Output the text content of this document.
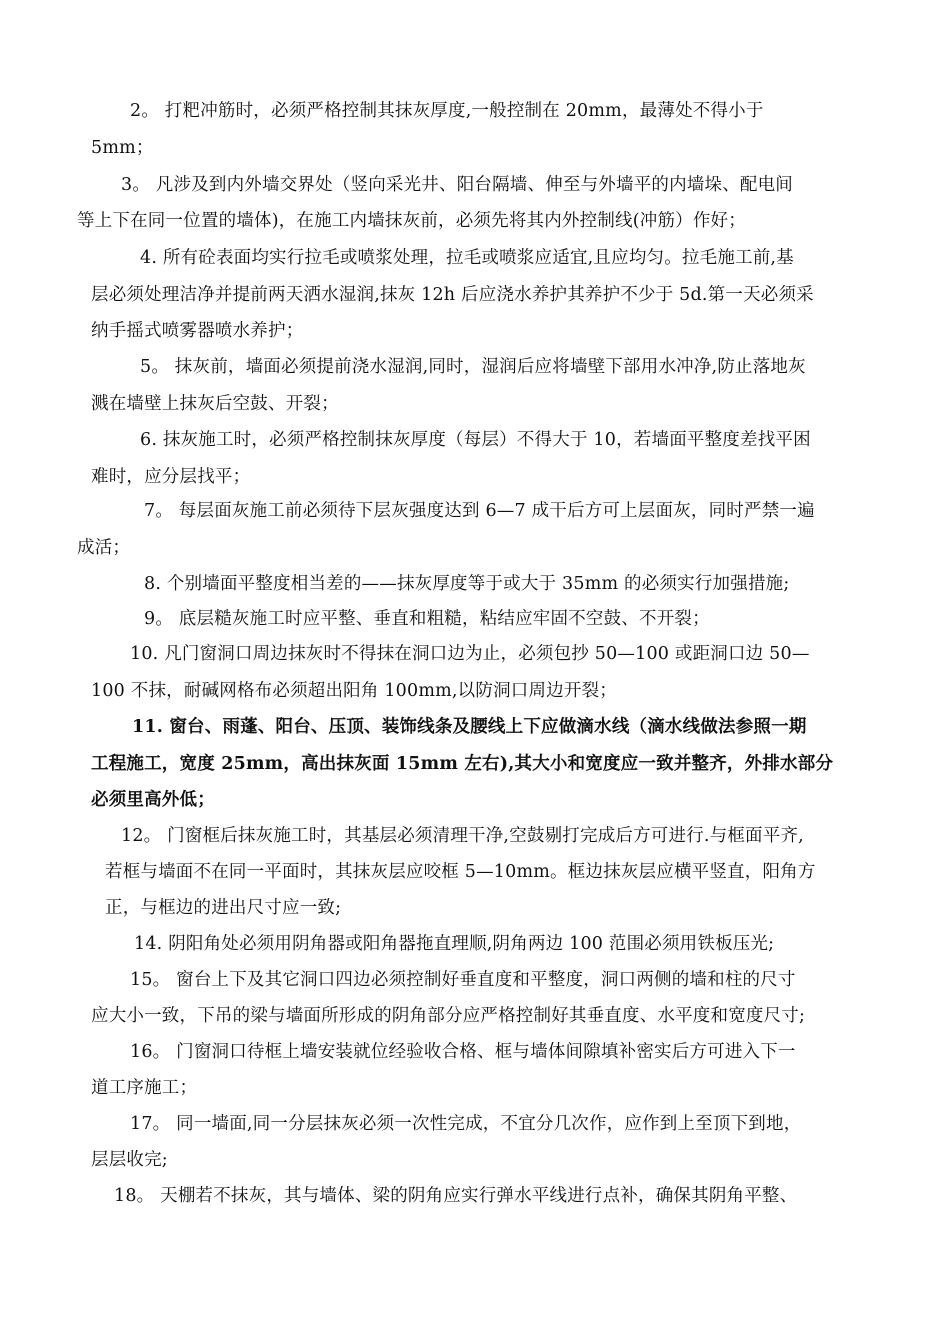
2。 打粑冲筋时，必须严格控制其抹灰厚度,一般控制在 20mm，最薄处不得小于
5mm；
3。 凡涉及到内外墙交界处（竖向采光井、阳台隔墙、伸至与外墙平的内墙垛、配电间
等上下在同一位置的墙体)，在施工内墙抹灰前，必须先将其内外控制线(冲筋）作好；
4. 所有砼表面均实行拉毛或喷浆处理，拉毛或喷浆应适宜,且应均匀。拉毛施工前,基
层必须处理洁净并提前两天洒水湿润,抹灰 12h 后应浇水养护其养护不少于 5d.第一天必须采
纳手摇式喷雾器喷水养护；
5。 抹灰前，墙面必须提前浇水湿润,同时，湿润后应将墙壁下部用水冲净,防止落地灰
溅在墙壁上抹灰后空鼓、开裂；
6. 抹灰施工时，必须严格控制抹灰厚度（每层）不得大于 10，若墙面平整度差找平困
难时，应分层找平；
7。 每层面灰施工前必须待下层灰强度达到 6—7 成干后方可上层面灰，同时严禁一遍
成活；
8. 个别墙面平整度相当差的——抹灰厚度等于或大于 35mm 的必须实行加强措施;
9。 底层糙灰施工时应平整、垂直和粗糙，粘结应牢固不空鼓、不开裂；
10. 凡门窗洞口周边抹灰时不得抹在洞口边为止，必须包抄 50—100 或距洞口边 50—
100 不抹，耐碱网格布必须超出阳角 100mm,以防洞口周边开裂；
11. 窗台、雨蓬、阳台、压顶、装饰线条及腰线上下应做滴水线（滴水线做法参照一期
工程施工，宽度 25mm，高出抹灰面 15mm 左右),其大小和宽度应一致并整齐，外排水部分
必须里高外低；
12。 门窗框后抹灰施工时，其基层必须清理干净,空鼓剔打完成后方可进行.与框面平齐,
若框与墙面不在同一平面时，其抹灰层应咬框 5—10mm。框边抹灰层应横平竖直，阳角方
正，与框边的进出尺寸应一致;
14. 阴阳角处必须用阴角器或阳角器拖直理顺,阴角两边 100 范围必须用铁板压光;
15。 窗台上下及其它洞口四边必须控制好垂直度和平整度，洞口两侧的墙和柱的尺寸
应大小一致，下吊的梁与墙面所形成的阴角部分应严格控制好其垂直度、水平度和宽度尺寸;
16。 门窗洞口待框上墙安装就位经验收合格、框与墙体间隙填补密实后方可进入下一
道工序施工；
17。 同一墙面,同一分层抹灰必须一次性完成，不宜分几次作，应作到上至顶下到地，
层层收完;
18。 天棚若不抹灰，其与墙体、梁的阴角应实行弹水平线进行点补，确保其阴角平整、
